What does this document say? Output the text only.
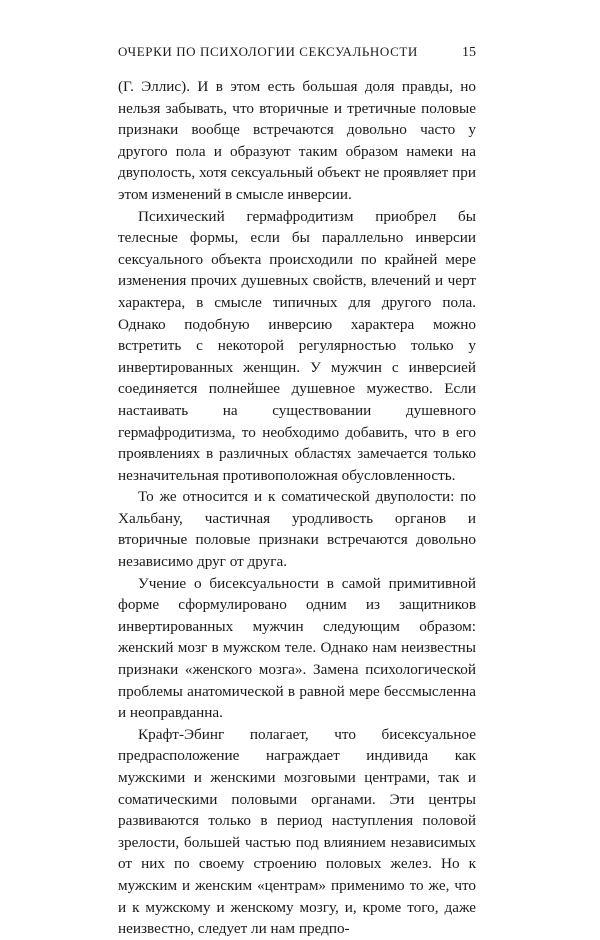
ОЧЕРКИ ПО ПСИХОЛОГИИ СЕКСУАЛЬНОСТИ	15

(Г. Эллис). И в этом есть большая доля правды, но нельзя забывать, что вторичные и третичные половые признаки вообще встречаются довольно часто у другого пола и образуют таким образом намеки на двуполость, хотя сексуальный объект не проявляет при этом изменений в смысле инверсии.

Психический гермафродитизм приобрел бы телесные формы, если бы параллельно инверсии сексуального объекта происходили по крайней мере изменения прочих душевных свойств, влечений и черт характера, в смысле типичных для другого пола. Однако подобную инверсию характера можно встретить с некоторой регулярностью только у инвертированных женщин. У мужчин с инверсией соединяется полнейшее душевное мужество. Если настаивать на существовании душевного гермафродитизма, то необходимо добавить, что в его проявлениях в различных областях замечается только незначительная противоположная обусловленность.

То же относится и к соматической двуполости: по Хальбану, частичная уродливость органов и вторичные половые признаки встречаются довольно независимо друг от друга.

Учение о бисексуальности в самой примитивной форме сформулировано одним из защитников инвертированных мужчин следующим образом: женский мозг в мужском теле. Однако нам неизвестны признаки «женского мозга». Замена психологической проблемы анатомической в равной мере бессмысленна и неоправданна.

Крафт-Эбинг полагает, что бисексуальное предрасположение награждает индивида как мужскими и женскими мозговыми центрами, так и соматическими половыми органами. Эти центры развиваются только в период наступления половой зрелости, большей частью под влиянием независимых от них по своему строению половых желез. Но к мужским и женским «центрам» применимо то же, что и к мужскому и женскому мозгу, и, кроме того, даже неизвестно, следует ли нам предпо-
